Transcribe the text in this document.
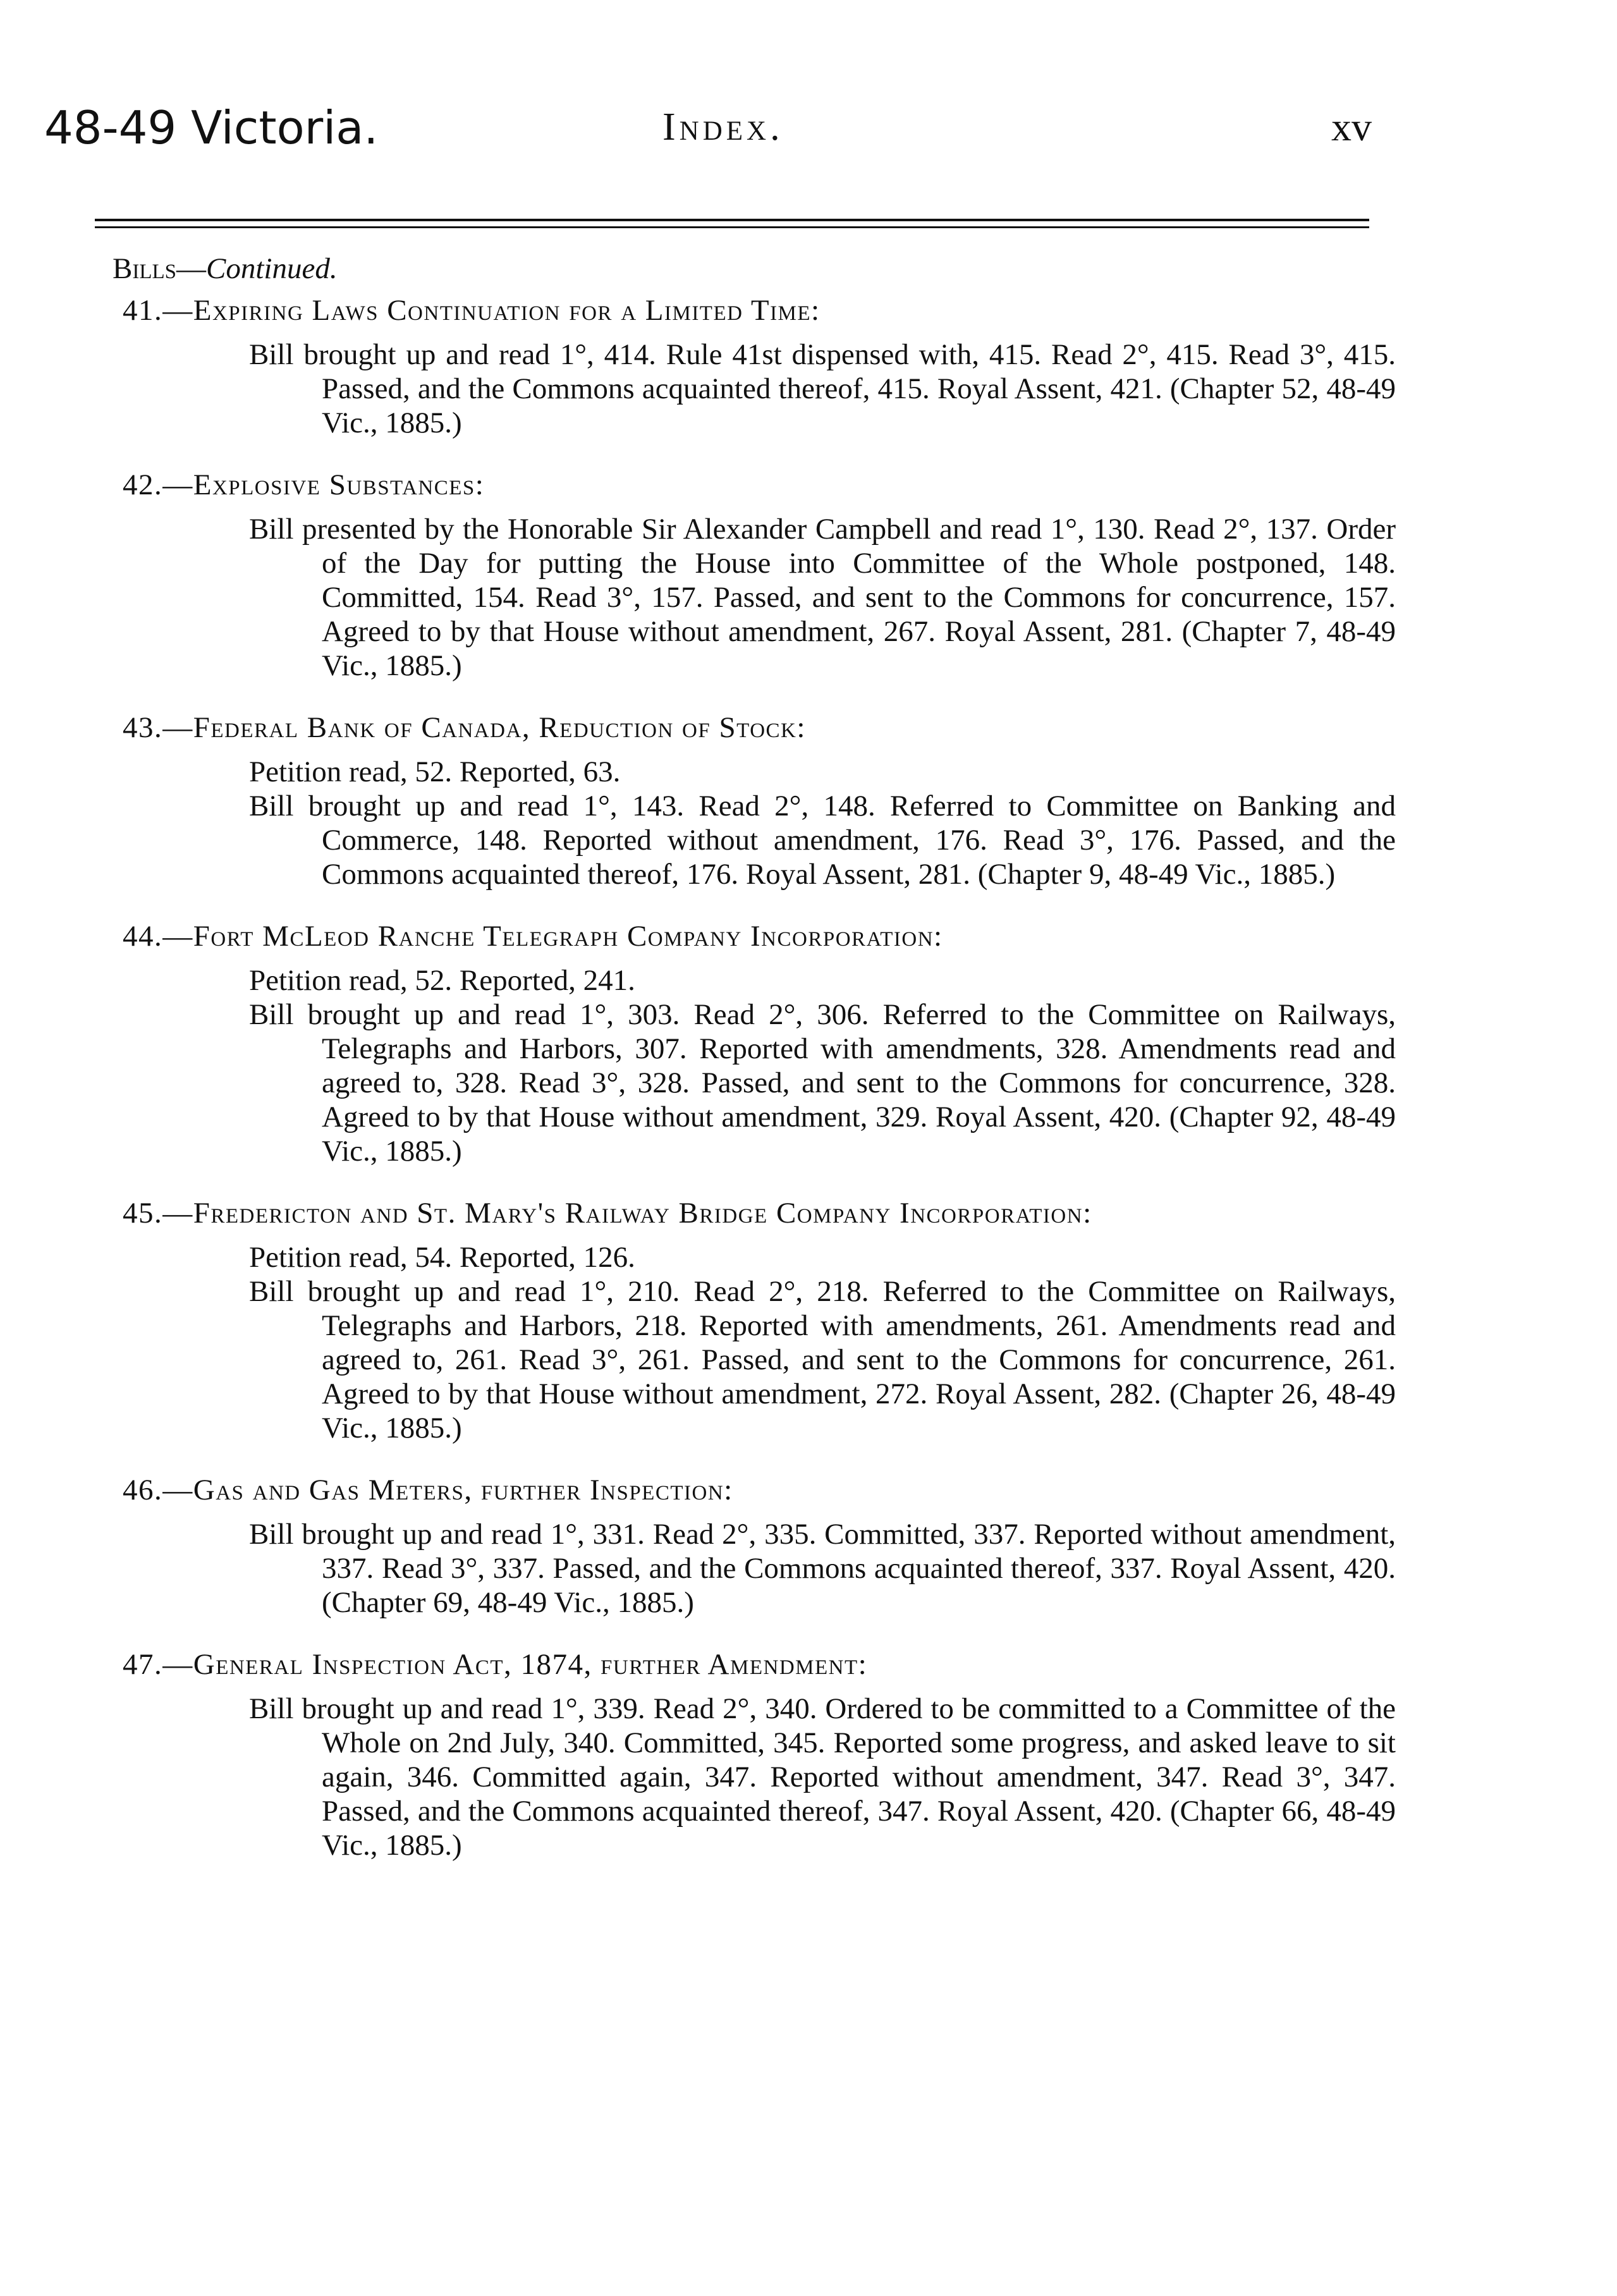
48-49 Victoria.	Index.	xv
Bills—Continued.
41.—Expiring Laws Continuation for a Limited Time:
Bill brought up and read 1°, 414. Rule 41st dispensed with, 415. Read 2°, 415. Read 3°, 415. Passed, and the Commons acquainted thereof, 415. Royal Assent, 421. (Chapter 52, 48-49 Vic., 1885.)
42.—Explosive Substances:
Bill presented by the Honorable Sir Alexander Campbell and read 1°, 130. Read 2°, 137. Order of the Day for putting the House into Committee of the Whole postponed, 148. Committed, 154. Read 3°, 157. Passed, and sent to the Commons for concurrence, 157. Agreed to by that House without amendment, 267. Royal Assent, 281. (Chapter 7, 48-49 Vic., 1885.)
43.—Federal Bank of Canada, Reduction of Stock:
Petition read, 52. Reported, 63.
Bill brought up and read 1°, 143. Read 2°, 148. Referred to Committee on Banking and Commerce, 148. Reported without amendment, 176. Read 3°, 176. Passed, and the Commons acquainted thereof, 176. Royal Assent, 281. (Chapter 9, 48-49 Vic., 1885.)
44.—Fort McLeod Ranche Telegraph Company Incorporation:
Petition read, 52. Reported, 241.
Bill brought up and read 1°, 303. Read 2°, 306. Referred to the Committee on Railways, Telegraphs and Harbors, 307. Reported with amendments, 328. Amendments read and agreed to, 328. Read 3°, 328. Passed, and sent to the Commons for concurrence, 328. Agreed to by that House without amendment, 329. Royal Assent, 420. (Chapter 92, 48-49 Vic., 1885.)
45.—Fredericton and St. Mary's Railway Bridge Company Incorporation:
Petition read, 54. Reported, 126.
Bill brought up and read 1°, 210. Read 2°, 218. Referred to the Committee on Railways, Telegraphs and Harbors, 218. Reported with amendments, 261. Amendments read and agreed to, 261. Read 3°, 261. Passed, and sent to the Commons for concurrence, 261. Agreed to by that House without amendment, 272. Royal Assent, 282. (Chapter 26, 48-49 Vic., 1885.)
46.—Gas and Gas Meters, further Inspection:
Bill brought up and read 1°, 331. Read 2°, 335. Committed, 337. Reported without amendment, 337. Read 3°, 337. Passed, and the Commons acquainted thereof, 337. Royal Assent, 420. (Chapter 69, 48-49 Vic., 1885.)
47.—General Inspection Act, 1874, further Amendment:
Bill brought up and read 1°, 339. Read 2°, 340. Ordered to be committed to a Committee of the Whole on 2nd July, 340. Committed, 345. Reported some progress, and asked leave to sit again, 346. Committed again, 347. Reported without amendment, 347. Read 3°, 347. Passed, and the Commons acquainted thereof, 347. Royal Assent, 420. (Chapter 66, 48-49 Vic., 1885.)
